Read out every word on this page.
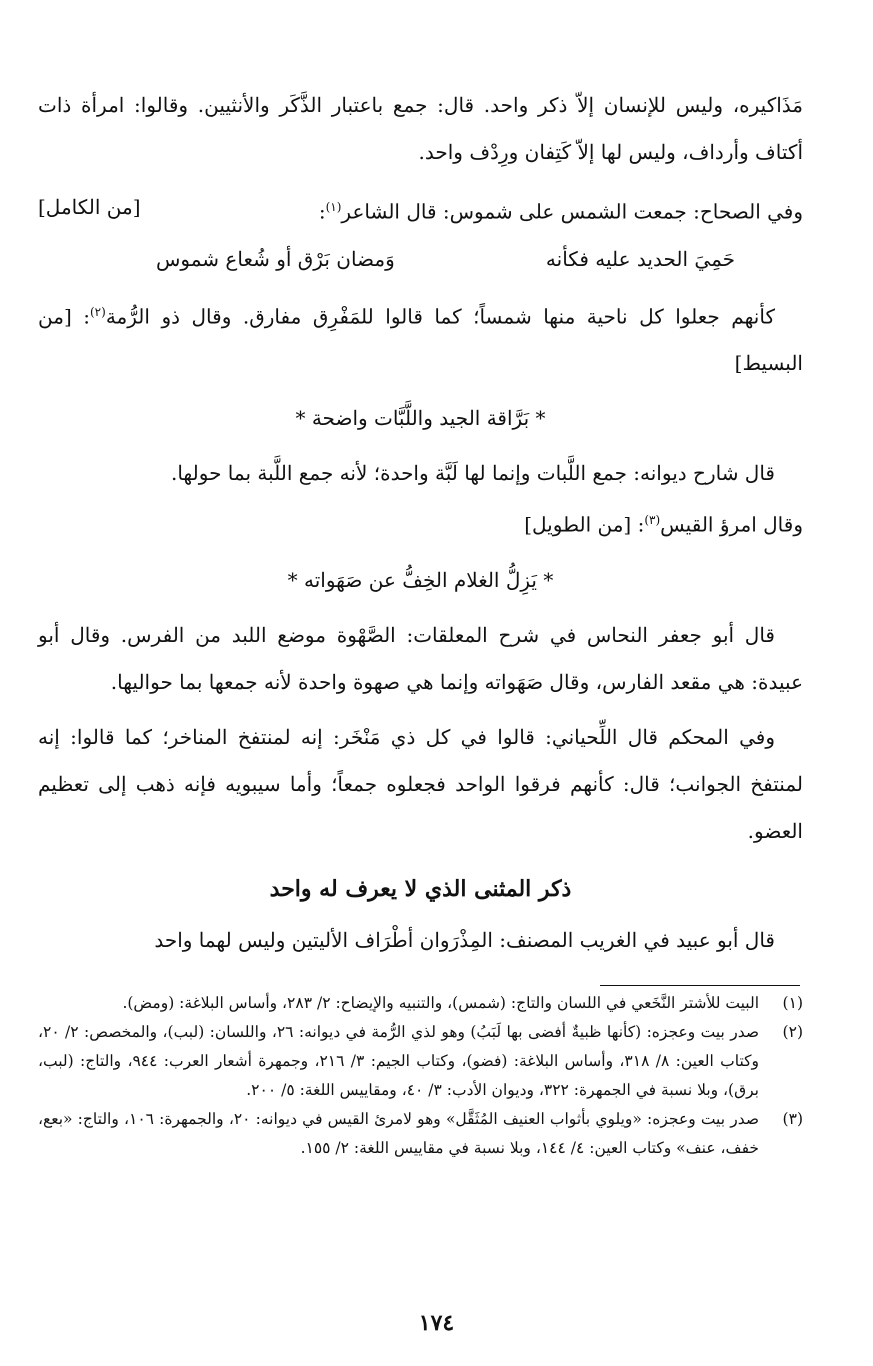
مَذَاكيره، وليس للإنسان إلاّ ذكر واحد. قال: جمع باعتبار الذَّكَر والأنثيين. وقالوا: امرأة ذات أكتاف وأرداف، وليس لها إلاّ كَتِفان ورِدْف واحد.

وفي الصحاح: جمعت الشمس على شموس: قال الشاعر$^{(١)}$:
[من الكامل]
حَمِيَ الحديد عليه فكأنه
وَمضان بَرْق أو شُعاع شموس

كأنهم جعلوا كل ناحية منها شمساً؛ كما قالوا للمَفْرِق مفارق. وقال ذو الرُّمة$^{(٢)}$: [من البسيط]

* بَرَّاقة الجيد واللَّبَّات واضحة *

قال شارح ديوانه: جمع اللَّبات وإنما لها لَبَّة واحدة؛ لأنه جمع اللَّبة بما حولها.

وقال امرؤ القيس$^{(٣)}$: [من الطويل]

* يَزِلُّ الغلام الخِفُّ عن صَهَواته *

قال أبو جعفر النحاس في شرح المعلقات: الصَّهْوة موضع اللبد من الفرس. وقال أبو عبيدة: هي مقعد الفارس، وقال صَهَواته وإنما هي صهوة واحدة لأنه جمعها بما حواليها.

وفي المحكم قال اللِّحياني: قالوا في كل ذي مَنْخَر: إنه لمنتفخ المناخر؛ كما قالوا: إنه لمنتفخ الجوانب؛ قال: كأنهم فرقوا الواحد فجعلوه جمعاً؛ وأما سيبويه فإنه ذهب إلى تعظيم العضو.

ذكر المثنى الذي لا يعرف له واحد

قال أبو عبيد في الغريب المصنف: المِذْرَوان أطْرَاف الأليتين وليس لهما واحد

(١)
البيت للأشتر النَّخَعي في اللسان والتاج: (شمس)، والتنبيه والإيضاح: ٢/ ٢٨٣، وأساس البلاغة: (ومض).
(٢)
صدر بيت وعجزه: (كأنها ظبيةٌ أفضى بها لَبَبُ) وهو لذي الرُّمة في ديوانه: ٢٦، واللسان: (لبب)، والمخصص: ٢/ ٢٠، وكتاب العين: ٨/ ٣١٨، وأساس البلاغة: (فضو)، وكتاب الجيم: ٣/ ٢١٦، وجمهرة أشعار العرب: ٩٤٤، والتاج: (لبب، برق)، وبلا نسبة في الجمهرة: ٣٢٢، وديوان الأدب: ٣/ ٤٠، ومقاييس اللغة: ٥/ ٢٠٠.
(٣)
صدر بيت وعجزه: «ويلوي بأثواب العنيف المُثَقَّل» وهو لامرئ القيس في ديوانه: ٢٠، والجمهرة: ١٠٦، والتاج: «بعع، خفف، عنف» وكتاب العين: ٤/ ١٤٤، وبلا نسبة في مقاييس اللغة: ٢/ ١٥٥.
١٧٤
